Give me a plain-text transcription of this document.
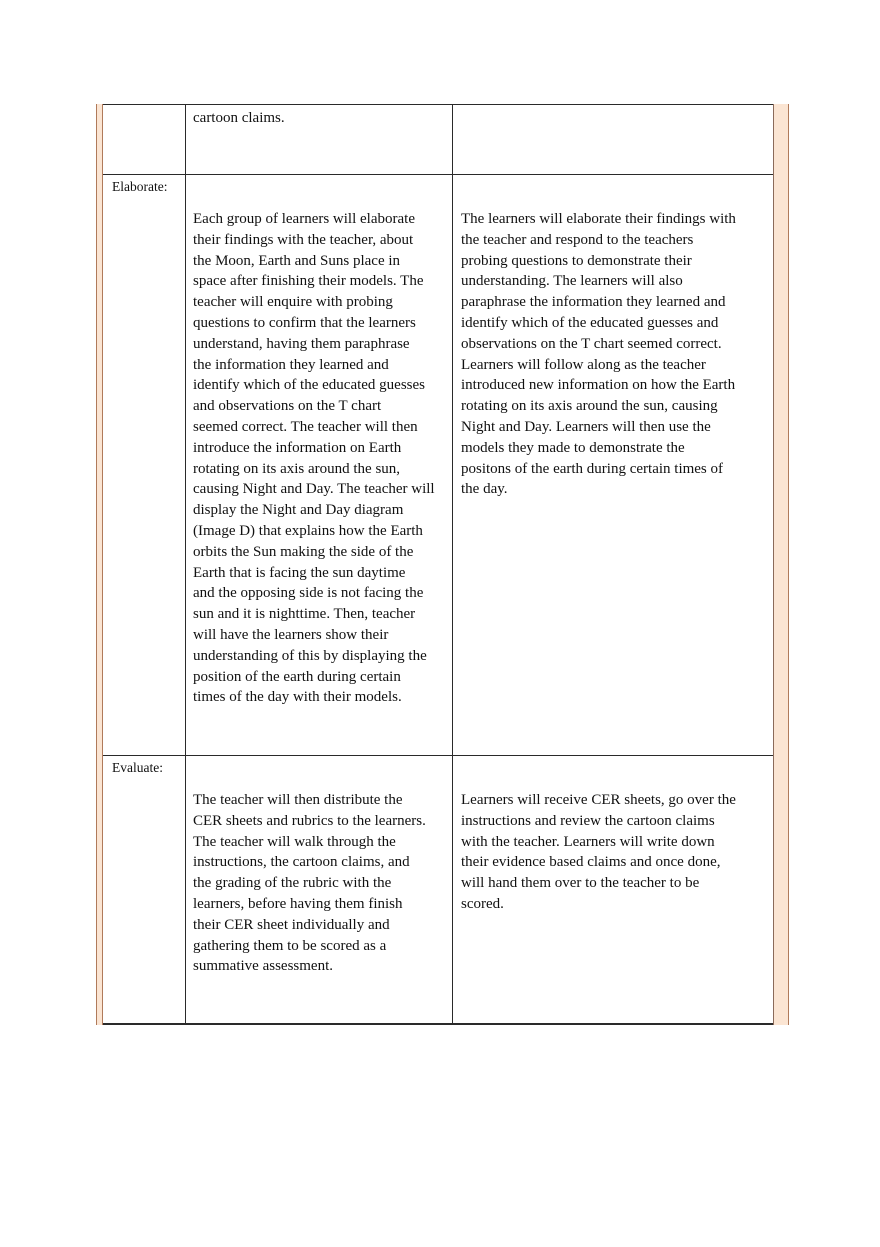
cartoon claims.
Elaborate:
Each group of learners will elaborate
their findings with the teacher, about
the Moon, Earth and Suns place in
space after finishing their models. The
teacher will enquire with probing
questions to confirm that the learners
understand, having them paraphrase
the information they learned and
identify which of the educated guesses
and observations on the T chart
seemed correct. The teacher will then
introduce the information on Earth
rotating on its axis around the sun,
causing Night and Day. The teacher will
display the Night and Day diagram
(Image D) that explains how the Earth
orbits the Sun making the side of the
Earth that is facing the sun daytime
and the opposing side is not facing the
sun and it is nighttime. Then, teacher
will have the learners show their
understanding of this by displaying the
position of the earth during certain
times of the day with their models.
The learners will elaborate their findings with
the teacher and respond to the teachers
probing questions to demonstrate their
understanding. The learners will also
paraphrase the information they learned and
identify which of the educated guesses and
observations on the T chart seemed correct.
Learners will follow along as the teacher
introduced new information on how the Earth
rotating on its axis around the sun, causing
Night and Day. Learners will then use the
models they made to demonstrate the
positons of the earth during certain times of
the day.
Evaluate:
The teacher will then distribute the
CER sheets and rubrics to the learners.
The teacher will walk through the
instructions, the cartoon claims, and
the grading of the rubric with the
learners, before having them finish
their CER sheet individually and
gathering them to be scored as a
summative assessment.
Learners will receive CER sheets, go over the
instructions and review the cartoon claims
with the teacher. Learners will write down
their evidence based claims and once done,
will hand them over to the teacher to be
scored.
